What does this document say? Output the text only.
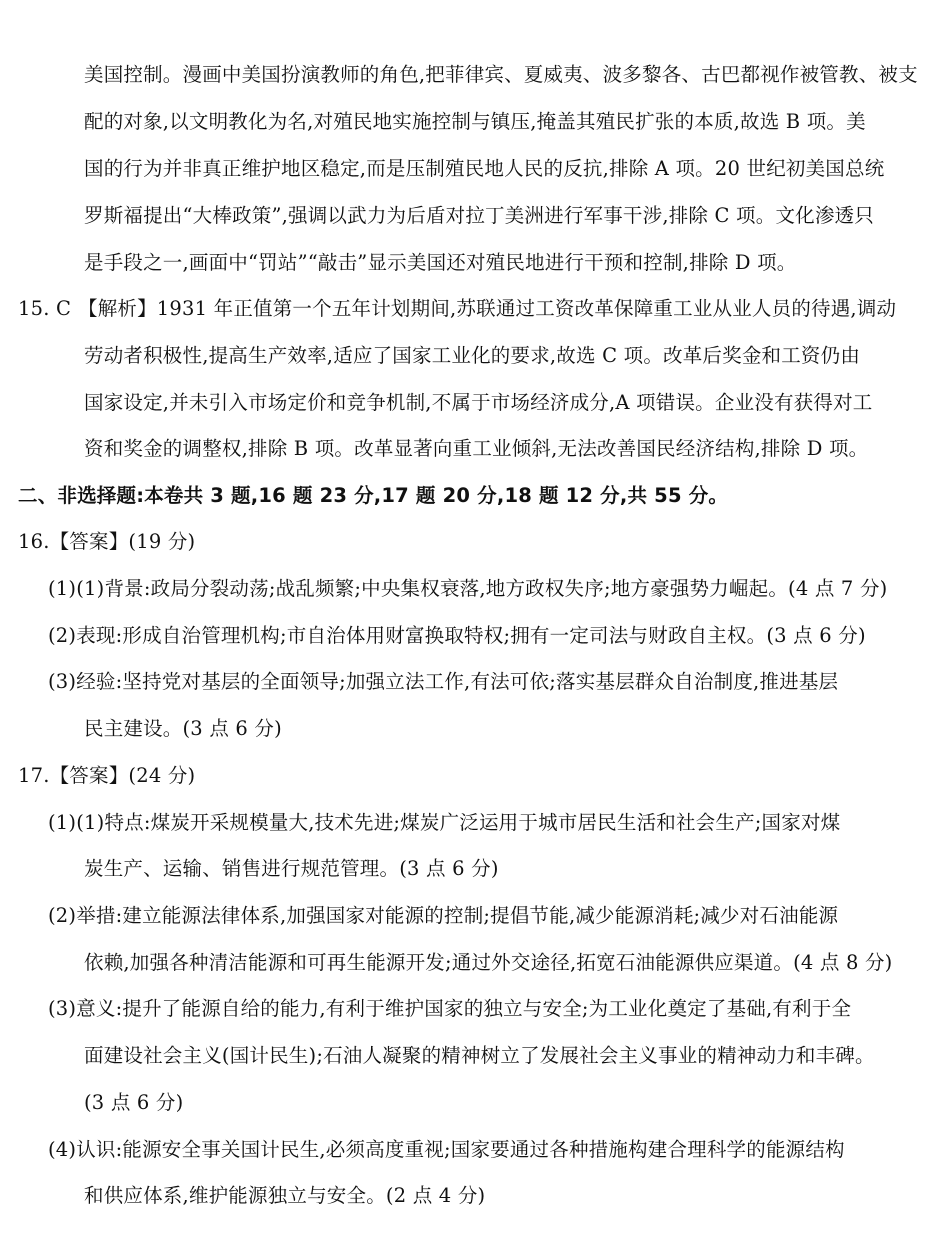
美国控制。漫画中美国扮演教师的角色,把菲律宾、夏威夷、波多黎各、古巴都视作被管教、被支
配的对象,以文明教化为名,对殖民地实施控制与镇压,掩盖其殖民扩张的本质,故选 B 项。美
国的行为并非真正维护地区稳定,而是压制殖民地人民的反抗,排除 A 项。20 世纪初美国总统
罗斯福提出“大棒政策”,强调以武力为后盾对拉丁美洲进行军事干涉,排除 C 项。文化渗透只
是手段之一,画面中“罚站”“敲击”显示美国还对殖民地进行干预和控制,排除 D 项。
15. C 【解析】1931 年正值第一个五年计划期间,苏联通过工资改革保障重工业从业人员的待遇,调动
劳动者积极性,提高生产效率,适应了国家工业化的要求,故选 C 项。改革后奖金和工资仍由
国家设定,并未引入市场定价和竞争机制,不属于市场经济成分,A 项错误。企业没有获得对工
资和奖金的调整权,排除 B 项。改革显著向重工业倾斜,无法改善国民经济结构,排除 D 项。
二、非选择题:本卷共 3 题,16 题 23 分,17 题 20 分,18 题 12 分,共 55 分。
16.【答案】(19 分)
(1)(1)背景:政局分裂动荡;战乱频繁;中央集权衰落,地方政权失序;地方豪强势力崛起。(4 点 7 分)
(2)表现:形成自治管理机构;市自治体用财富换取特权;拥有一定司法与财政自主权。(3 点 6 分)
(3)经验:坚持党对基层的全面领导;加强立法工作,有法可依;落实基层群众自治制度,推进基层
民主建设。(3 点 6 分)
17.【答案】(24 分)
(1)(1)特点:煤炭开采规模量大,技术先进;煤炭广泛运用于城市居民生活和社会生产;国家对煤
炭生产、运输、销售进行规范管理。(3 点 6 分)
(2)举措:建立能源法律体系,加强国家对能源的控制;提倡节能,减少能源消耗;减少对石油能源
依赖,加强各种清洁能源和可再生能源开发;通过外交途径,拓宽石油能源供应渠道。(4 点 8 分)
(3)意义:提升了能源自给的能力,有利于维护国家的独立与安全;为工业化奠定了基础,有利于全
面建设社会主义(国计民生);石油人凝聚的精神树立了发展社会主义事业的精神动力和丰碑。
(3 点 6 分)
(4)认识:能源安全事关国计民生,必须高度重视;国家要通过各种措施构建合理科学的能源结构
和供应体系,维护能源独立与安全。(2 点 4 分)
